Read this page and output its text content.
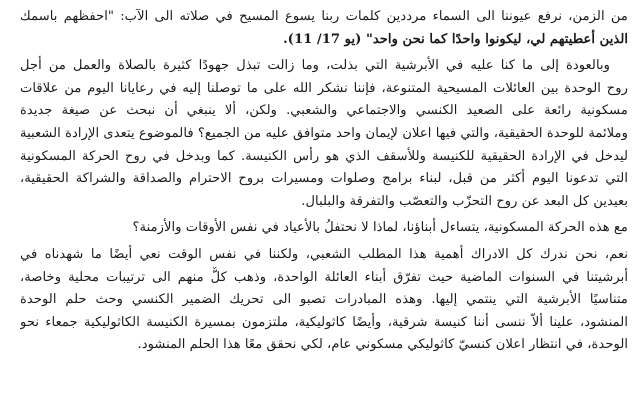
من الزمن، نرفع عيوننا الى السماء مرددين كلمات ربنا يسوع المسيح في صلاته الى الآب: "احفظهم باسمك
الذين أعطيتهم لي، ليكونوا واحدًا كما نحن واحد" (يو 17/ 11).
وبالعودة إلى ما كنا عليه في الأبرشية التي بذلت، وما زالت تبذل جهودًا كثيرة بالصلاة والعمل من أجل
روح الوحدة بين العائلات المسيحية المتنوعة، فإننا نشكر الله على ما توصلنا إليه في رعايانا اليوم من علاقات
مسكونية رائعة على الصعيد الكنسي والاجتماعي والشعبي. ولكن، ألا ينبغي أن نبحث عن صيغة جديدة
وملائمة للوحدة الحقيقية، والتي فيها اعلان لإيمان واحد متوافق عليه من الجميع؟ فالموضوع يتعدى الإرادة الشعبية
ليدخل في الإرادة الحقيقية للكنيسة وللأسقف الذي هو رأس الكنيسة. كما وبدخل في روح الحركة المسكونية
التي تدعونا اليوم أكثر من قبل، لبناء برامج وصلوات ومسيرات بروح الاحترام والصداقة والشراكة الحقيقية،
بعيدين كل البعد عن روح التحزّب والتعصّب والتفرقة والبلبال.
مع هذه الحركة المسكونية، يتساءل أبناؤنا، لماذا لا نحتفلُ بالأعياد في نفس الأوقات والأزمنة؟
نعم، نحن ندرك كل الادراك أهمية هذا المطلب الشعبي، ولكننا في نفس الوقت نعي أيضًا ما شهدناه في
أبرشيتنا في السنوات الماضية حيث تفرّق أبناء العائلة الواحدة، وذهب كلٌّ منهم الى ترتيبات محلية وخاصة،
متناسيًا الأبرشية التي ينتمي إليها. وهذه المبادرات تصبو الى تحريك الضمير الكنسي وحث حلم الوحدة
المنشود، علينا ألاّ ننسى أننا كنيسة شرقية، وأيضًا كاثوليكية، ملتزمون بمسيرة الكنيسة الكاثوليكية جمعاء نحو
الوحدة، في انتظار اعلان كنسيّ كاثوليكي مسكوني عام، لكي نحقق معًا هذا الحلم المنشود.
